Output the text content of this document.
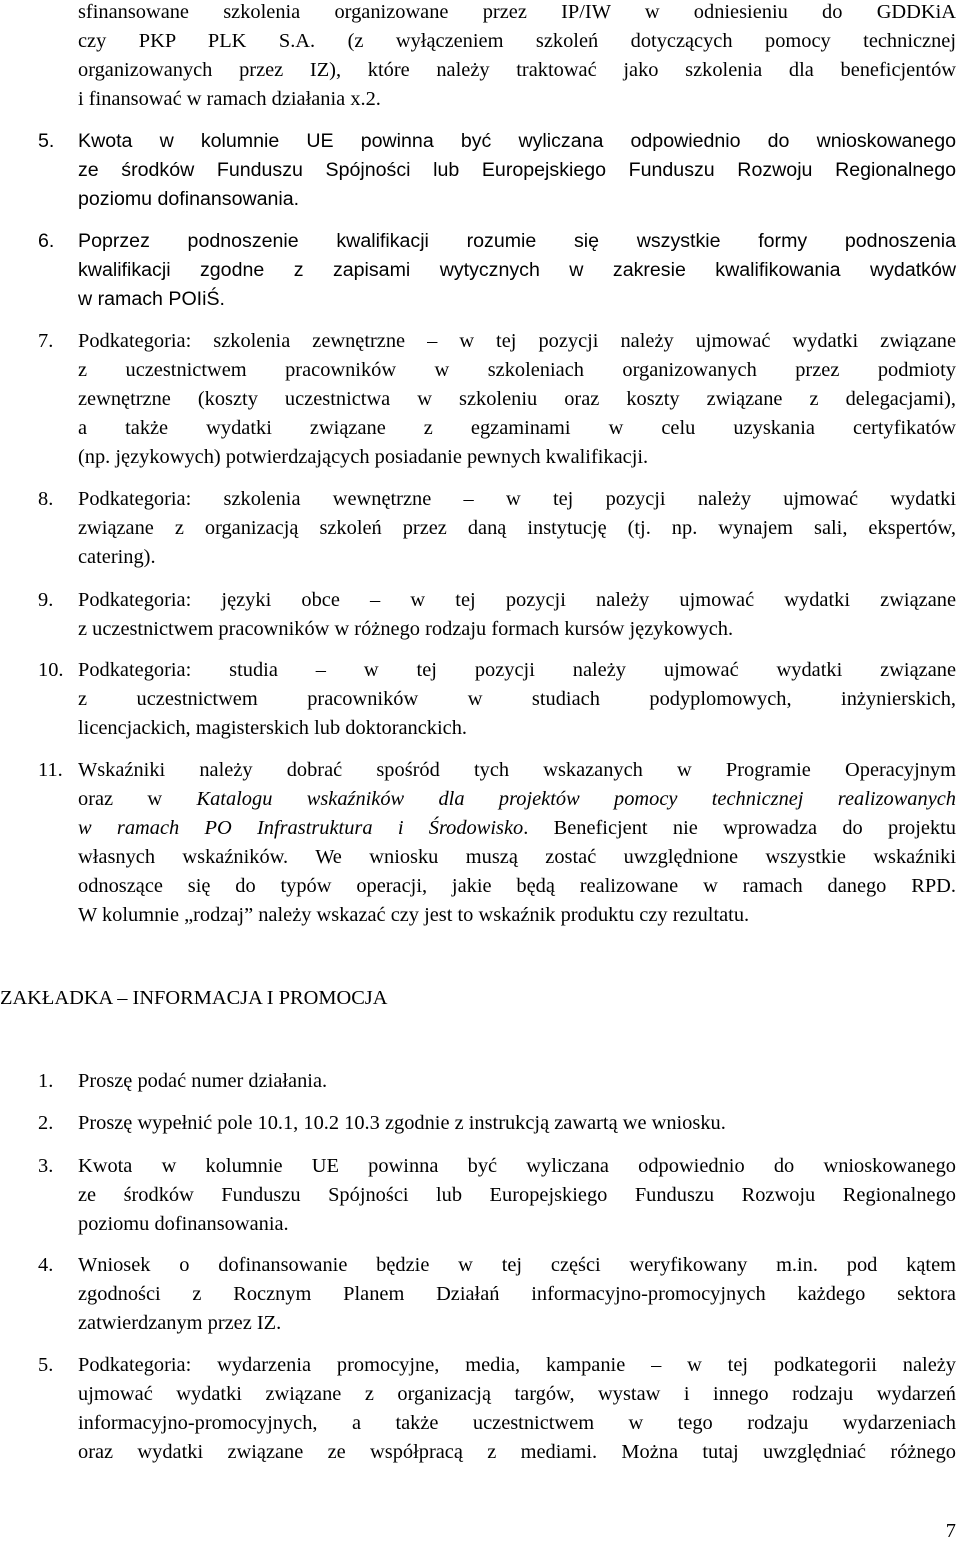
sfinansowane szkolenia organizowane przez IP/IW w odniesieniu do GDDKiA
czy PKP PLK S.A. (z wyłączeniem szkoleń dotyczących pomocy technicznej
organizowanych przez IZ), które należy traktować jako szkolenia dla beneficjentów
i finansować w ramach działania x.2.
5.	Kwota w kolumnie UE powinna być wyliczana odpowiednio do wnioskowanego
ze środków Funduszu Spójności lub Europejskiego Funduszu Rozwoju Regionalnego
poziomu dofinansowania.
6.	Poprzez podnoszenie kwalifikacji rozumie się wszystkie formy podnoszenia
kwalifikacji zgodne z zapisami wytycznych w zakresie kwalifikowania wydatków
w ramach POIiŚ.
7.	Podkategoria: szkolenia zewnętrzne – w tej pozycji należy ujmować wydatki związane
z uczestnictwem pracowników w szkoleniach organizowanych przez podmioty
zewnętrzne (koszty uczestnictwa w szkoleniu oraz koszty związane z delegacjami),
a także wydatki związane z egzaminami w celu uzyskania certyfikatów
(np. językowych) potwierdzających posiadanie pewnych kwalifikacji.
8.	Podkategoria: szkolenia wewnętrzne – w tej pozycji należy ujmować wydatki
związane z organizacją szkoleń przez daną instytucję (tj. np. wynajem sali, ekspertów,
catering).
9.	Podkategoria: języki obce – w tej pozycji należy ujmować wydatki związane
z uczestnictwem pracowników w różnego rodzaju formach kursów językowych.
10. Podkategoria: studia – w tej pozycji należy ujmować wydatki związane
z uczestnictwem pracowników w studiach podyplomowych, inżynierskich,
licencjackich, magisterskich lub doktoranckich.
11. Wskaźniki należy dobrać spośród tych wskazanych w Programie Operacyjnym
oraz w Katalogu wskaźników dla projektów pomocy technicznej realizowanych
w ramach PO Infrastruktura i Środowisko. Beneficjent nie wprowadza do projektu
własnych wskaźników. We wniosku muszą zostać uwzględnione wszystkie wskaźniki
odnoszące się do typów operacji, jakie będą realizowane w ramach danego RPD.
W kolumnie „rodzaj” należy wskazać czy jest to wskaźnik produktu czy rezultatu.
ZAKŁADKA – INFORMACJA I PROMOCJA
1.	Proszę podać numer działania.
2.	Proszę wypełnić pole 10.1, 10.2 10.3 zgodnie z instrukcją zawartą we wniosku.
3.	Kwota w kolumnie UE powinna być wyliczana odpowiednio do wnioskowanego
ze środków Funduszu Spójności lub Europejskiego Funduszu Rozwoju Regionalnego
poziomu dofinansowania.
4.	Wniosek o dofinansowanie będzie w tej części weryfikowany m.in. pod kątem
zgodności z Rocznym Planem Działań informacyjno-promocyjnych każdego sektora
zatwierdzanym przez IZ.
5.	Podkategoria: wydarzenia promocyjne, media, kampanie – w tej podkategorii należy
ujmować wydatki związane z organizacją targów, wystaw i innego rodzaju wydarzeń
informacyjno-promocyjnych, a także uczestnictwem w tego rodzaju wydarzeniach
oraz wydatki związane ze współpracą z mediami. Można tutaj uwzględniać różnego
7
